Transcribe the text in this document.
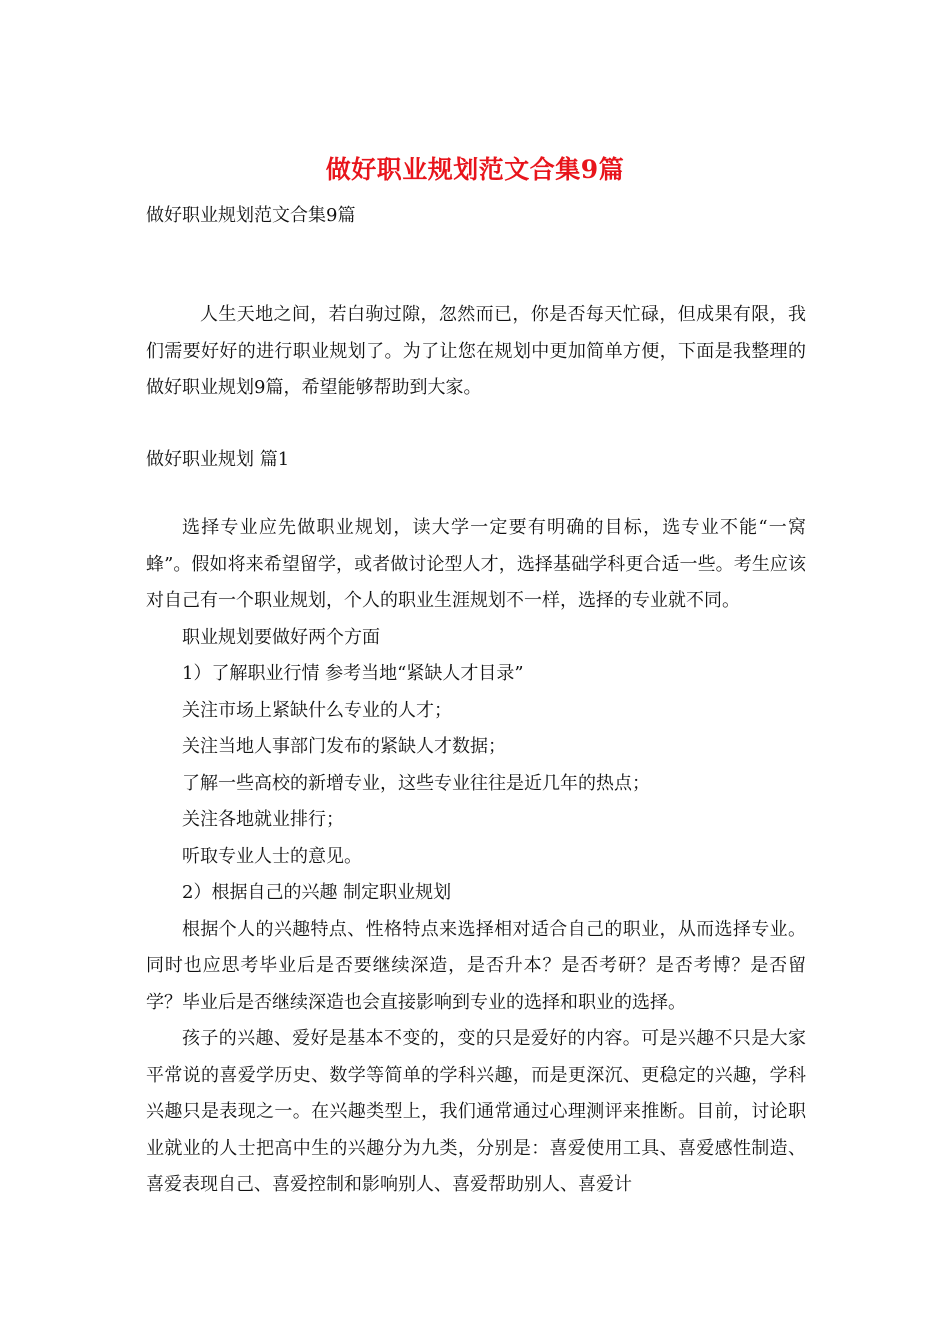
做好职业规划范文合集9篇
做好职业规划范文合集9篇

人生天地之间，若白驹过隙，忽然而已，你是否每天忙碌，但成果有限，我们需要好好的进行职业规划了。为了让您在规划中更加简单方便，下面是我整理的做好职业规划9篇，希望能够帮助到大家。

做好职业规划 篇1

选择专业应先做职业规划，读大学一定要有明确的目标，选专业不能“一窝蜂”。假如将来希望留学，或者做讨论型人才，选择基础学科更合适一些。考生应该对自己有一个职业规划，个人的职业生涯规划不一样，选择的专业就不同。

职业规划要做好两个方面

1）了解职业行情 参考当地“紧缺人才目录”

关注市场上紧缺什么专业的人才；

关注当地人事部门发布的紧缺人才数据；

了解一些高校的新增专业，这些专业往往是近几年的热点；

关注各地就业排行；

听取专业人士的意见。

2）根据自己的兴趣 制定职业规划

根据个人的兴趣特点、性格特点来选择相对适合自己的职业，从而选择专业。同时也应思考毕业后是否要继续深造，是否升本？是否考研？是否考博？是否留学？毕业后是否继续深造也会直接影响到专业的选择和职业的选择。

孩子的兴趣、爱好是基本不变的，变的只是爱好的内容。可是兴趣不只是大家平常说的喜爱学历史、数学等简单的学科兴趣，而是更深沉、更稳定的兴趣，学科兴趣只是表现之一。在兴趣类型上，我们通常通过心理测评来推断。目前，讨论职业就业的人士把高中生的兴趣分为九类，分别是：喜爱使用工具、喜爱感性制造、喜爱表现自己、喜爱控制和影响别人、喜爱帮助别人、喜爱计
